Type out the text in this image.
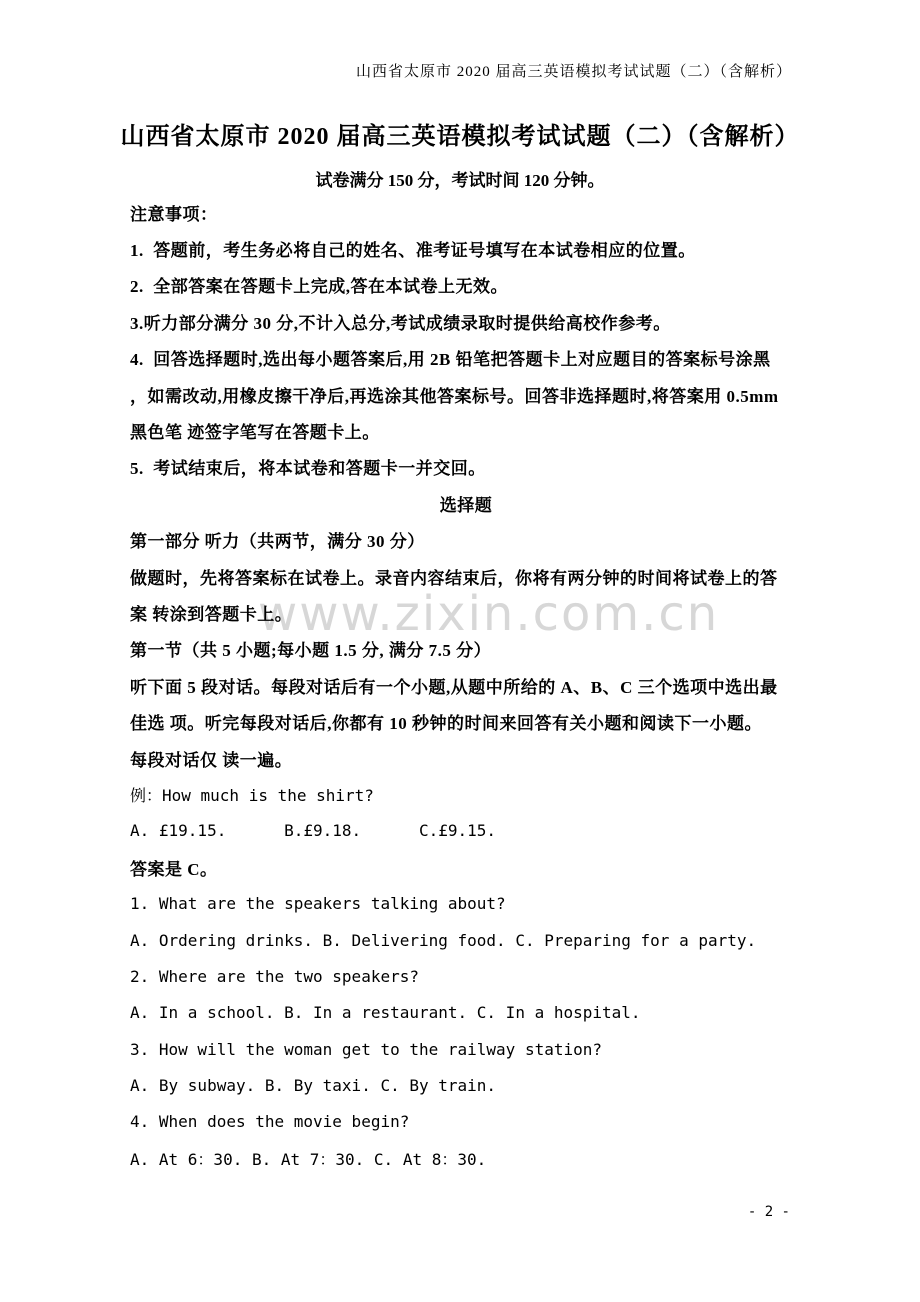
www.zixin.com.cn
山西省太原市 2020 届高三英语模拟考试试题（二）（含解析）
山西省太原市 2020 届高三英语模拟考试试题（二）（含解析）
试卷满分 150 分，考试时间 120 分钟。
注意事项：
1.  答题前，考生务必将自己的姓名、准考证号填写在本试卷相应的位置。
2.  全部答案在答题卡上完成,答在本试卷上无效。
3.听力部分满分 30 分,不计入总分,考试成绩录取时提供给高校作参考。
4.  回答选择题时,选出每小题答案后,用 2B 铅笔把答题卡上对应题目的答案标号涂黑
，如需改动,用橡皮擦干净后,再选涂其他答案标号。回答非选择题时,将答案用 0.5mm
黑色笔 迹签字笔写在答题卡上。
5.  考试结束后，将本试卷和答题卡一并交回。
选择题
第一部分 听力（共两节，满分 30 分）
做题时，先将答案标在试卷上。录音内容结束后，你将有两分钟的时间将试卷上的答
案 转涂到答题卡上。
第一节（共 5 小题;每小题 1.5 分, 满分 7.5 分）
听下面 5 段对话。每段对话后有一个小题,从题中所给的 A、B、C 三个选项中选出最
佳选 项。听完每段对话后,你都有 10 秒钟的时间来回答有关小题和阅读下一小题。
每段对话仅 读一遍。
例：How much is the shirt?
A. £19.15.      B.£9.18.      C.£9.15.
答案是 C。
1. What are the speakers talking about?
A. Ordering drinks. B. Delivering food. C. Preparing for a party.
2. Where are the two speakers?
A. In a school. B. In a restaurant. C. In a hospital.
3. How will the woman get to the railway station?
A. By subway. B. By taxi. C. By train.
4. When does the movie begin?
A. At 6：30. B. At 7：30. C. At 8：30.
- 2 -
